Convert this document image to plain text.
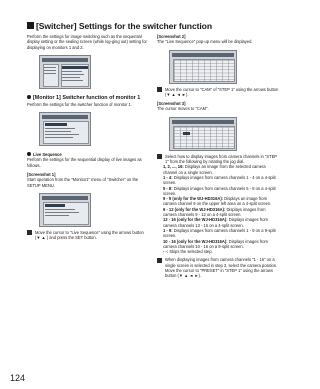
[Switcher] Settings for the switcher function

Perform the settings for image switching such as the sequential display setting or the sealing screen (while log-ging out) setting for displaying on monitors 1 and 2.

[Monitor 1] Switcher function of monitor 1

Perform the settings for the switcher function of monitor 1.

Live Sequence

Perform the settings for the sequential display of live images as follows.

[Screenshot 1]

Start operation from the "Monitor1" menu of "Switcher" on the SETUP MENU.

Move the cursor to "Live Sequence" using the arrows button (▼ ▲ ) and press the SET button.

[Screenshot 2]

The "Live Sequence" pop-up menu will be displayed.

Move the cursor to "CAM" of "STEP 1" using the arrows button (▼ ▲ ◄ ►).

[Screenshot 3]

The cursor moves to "CAM".

Select how to display images from camera channels in "STEP 1" from the following by rotating the jog dial.

1, 2, ..., 16: Displays an image from the selected camera channel on a single screen.

1 - 4: Displays images from camera channels 1 - 4 on a 4-split screen.

5 - 8: Displays images from camera channels 5 - 8 on a 4-split screen.

9 - 9 (only for the WJ-HD316A): Displays an image from camera channel 9 on the upper left area on a 4-split screen.

9 - 12 (only for the WJ-HD316A): Displays images from camera channels 9 - 12 on a 4-split screen.

13 - 16 (only for the WJ-HD316A): Displays images from camera channels 13 - 16 on a 4-split screen.

1 - 9: Displays images from camera channels 1 - 9 on a 9-split screen.

10 - 16 (only for the WJ-HD316A): Displays images from camera channels 10 - 16 on a 9-split screen.

- -: Skips the selected step.

When displaying images from camera channels "1 - 16" on a single screen is selected in step 3, select the camera position.
Move the cursor to "PRESET" in "STEP 1" using the arrows button (▼ ▲ ◄ ►).
124
